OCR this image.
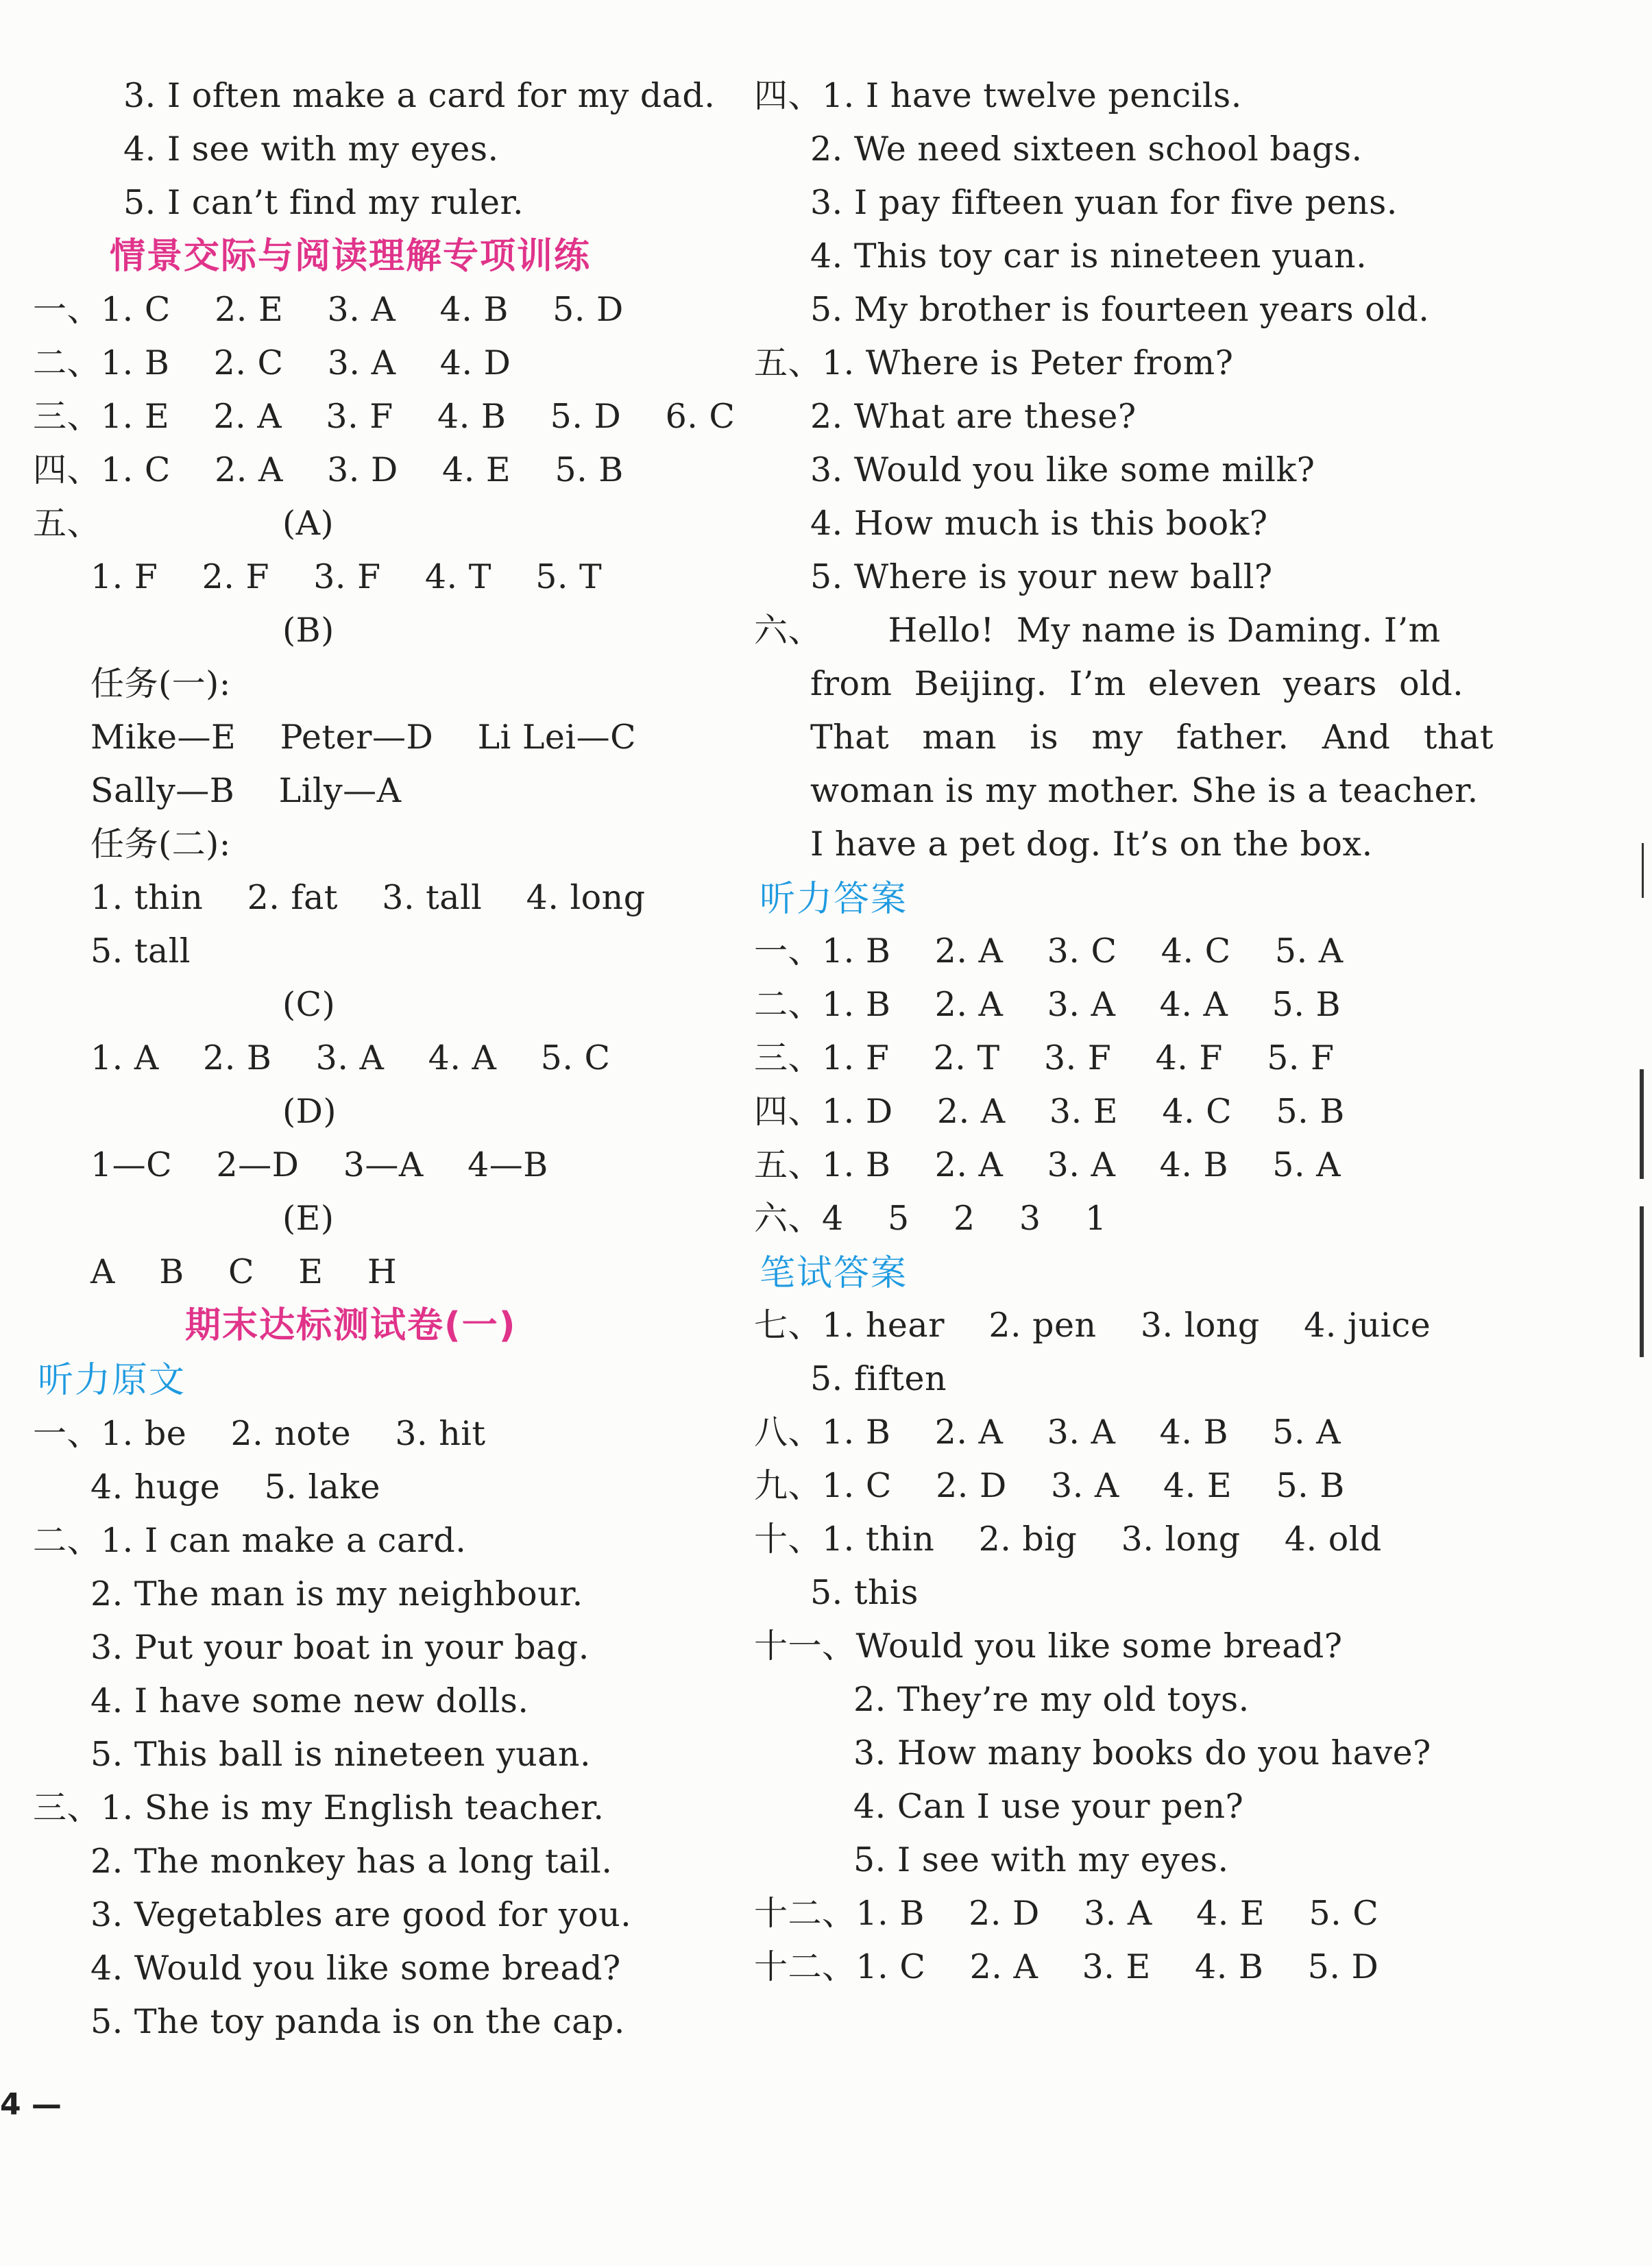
3. I often make a card for my dad.
4. I see with my eyes.
5. I can’t find my ruler.
情景交际与阅读理解专项训练
一、1. C    2. E    3. A    4. B    5. D
二、1. B    2. C    3. A    4. D
三、1. E    2. A    3. F    4. B    5. D    6. C
四、1. C    2. A    3. D    4. E    5. B
五、	(A)
1. F    2. F    3. F    4. T    5. T
(B)
任务(一):
Mike—E    Peter—D    Li Lei—C
Sally—B    Lily—A
任务(二):
1. thin    2. fat    3. tall    4. long
5. tall
(C)
1. A    2. B    3. A    4. A    5. C
(D)
1—C    2—D    3—A    4—B
(E)
A    B    C    E    H
期末达标测试卷(一)
听力原文
一、1. be    2. note    3. hit
4. huge    5. lake
二、1. I can make a card.
2. The man is my neighbour.
3. Put your boat in your bag.
4. I have some new dolls.
5. This ball is nineteen yuan.
三、1. She is my English teacher.
2. The monkey has a long tail.
3. Vegetables are good for you.
4. Would you like some bread?
5. The toy panda is on the cap.
四、1. I have twelve pencils.
2. We need sixteen school bags.
3. I pay fifteen yuan for five pens.
4. This toy car is nineteen yuan.
5. My brother is fourteen years old.
五、1. Where is Peter from?
2. What are these?
3. Would you like some milk?
4. How much is this book?
5. Where is your new ball?
六、      Hello!  My name is Daming. I’m
from  Beijing.  I’m  eleven  years  old.
That   man   is   my   father.   And   that
woman is my mother. She is a teacher.
I have a pet dog. It’s on the box.
听力答案
一、1. B    2. A    3. C    4. C    5. A
二、1. B    2. A    3. A    4. A    5. B
三、1. F    2. T    3. F    4. F    5. F
四、1. D    2. A    3. E    4. C    5. B
五、1. B    2. A    3. A    4. B    5. A
六、4    5    2    3    1
笔试答案
七、1. hear    2. pen    3. long    4. juice
5. fiften
八、1. B    2. A    3. A    4. B    5. A
九、1. C    2. D    3. A    4. E    5. B
十、1. thin    2. big    3. long    4. old
5. this
十一、Would you like some bread?
2. They’re my old toys.
3. How many books do you have?
4. Can I use your pen?
5. I see with my eyes.
十二、1. B    2. D    3. A    4. E    5. C
十二、1. C    2. A    3. E    4. B    5. D
4 —
